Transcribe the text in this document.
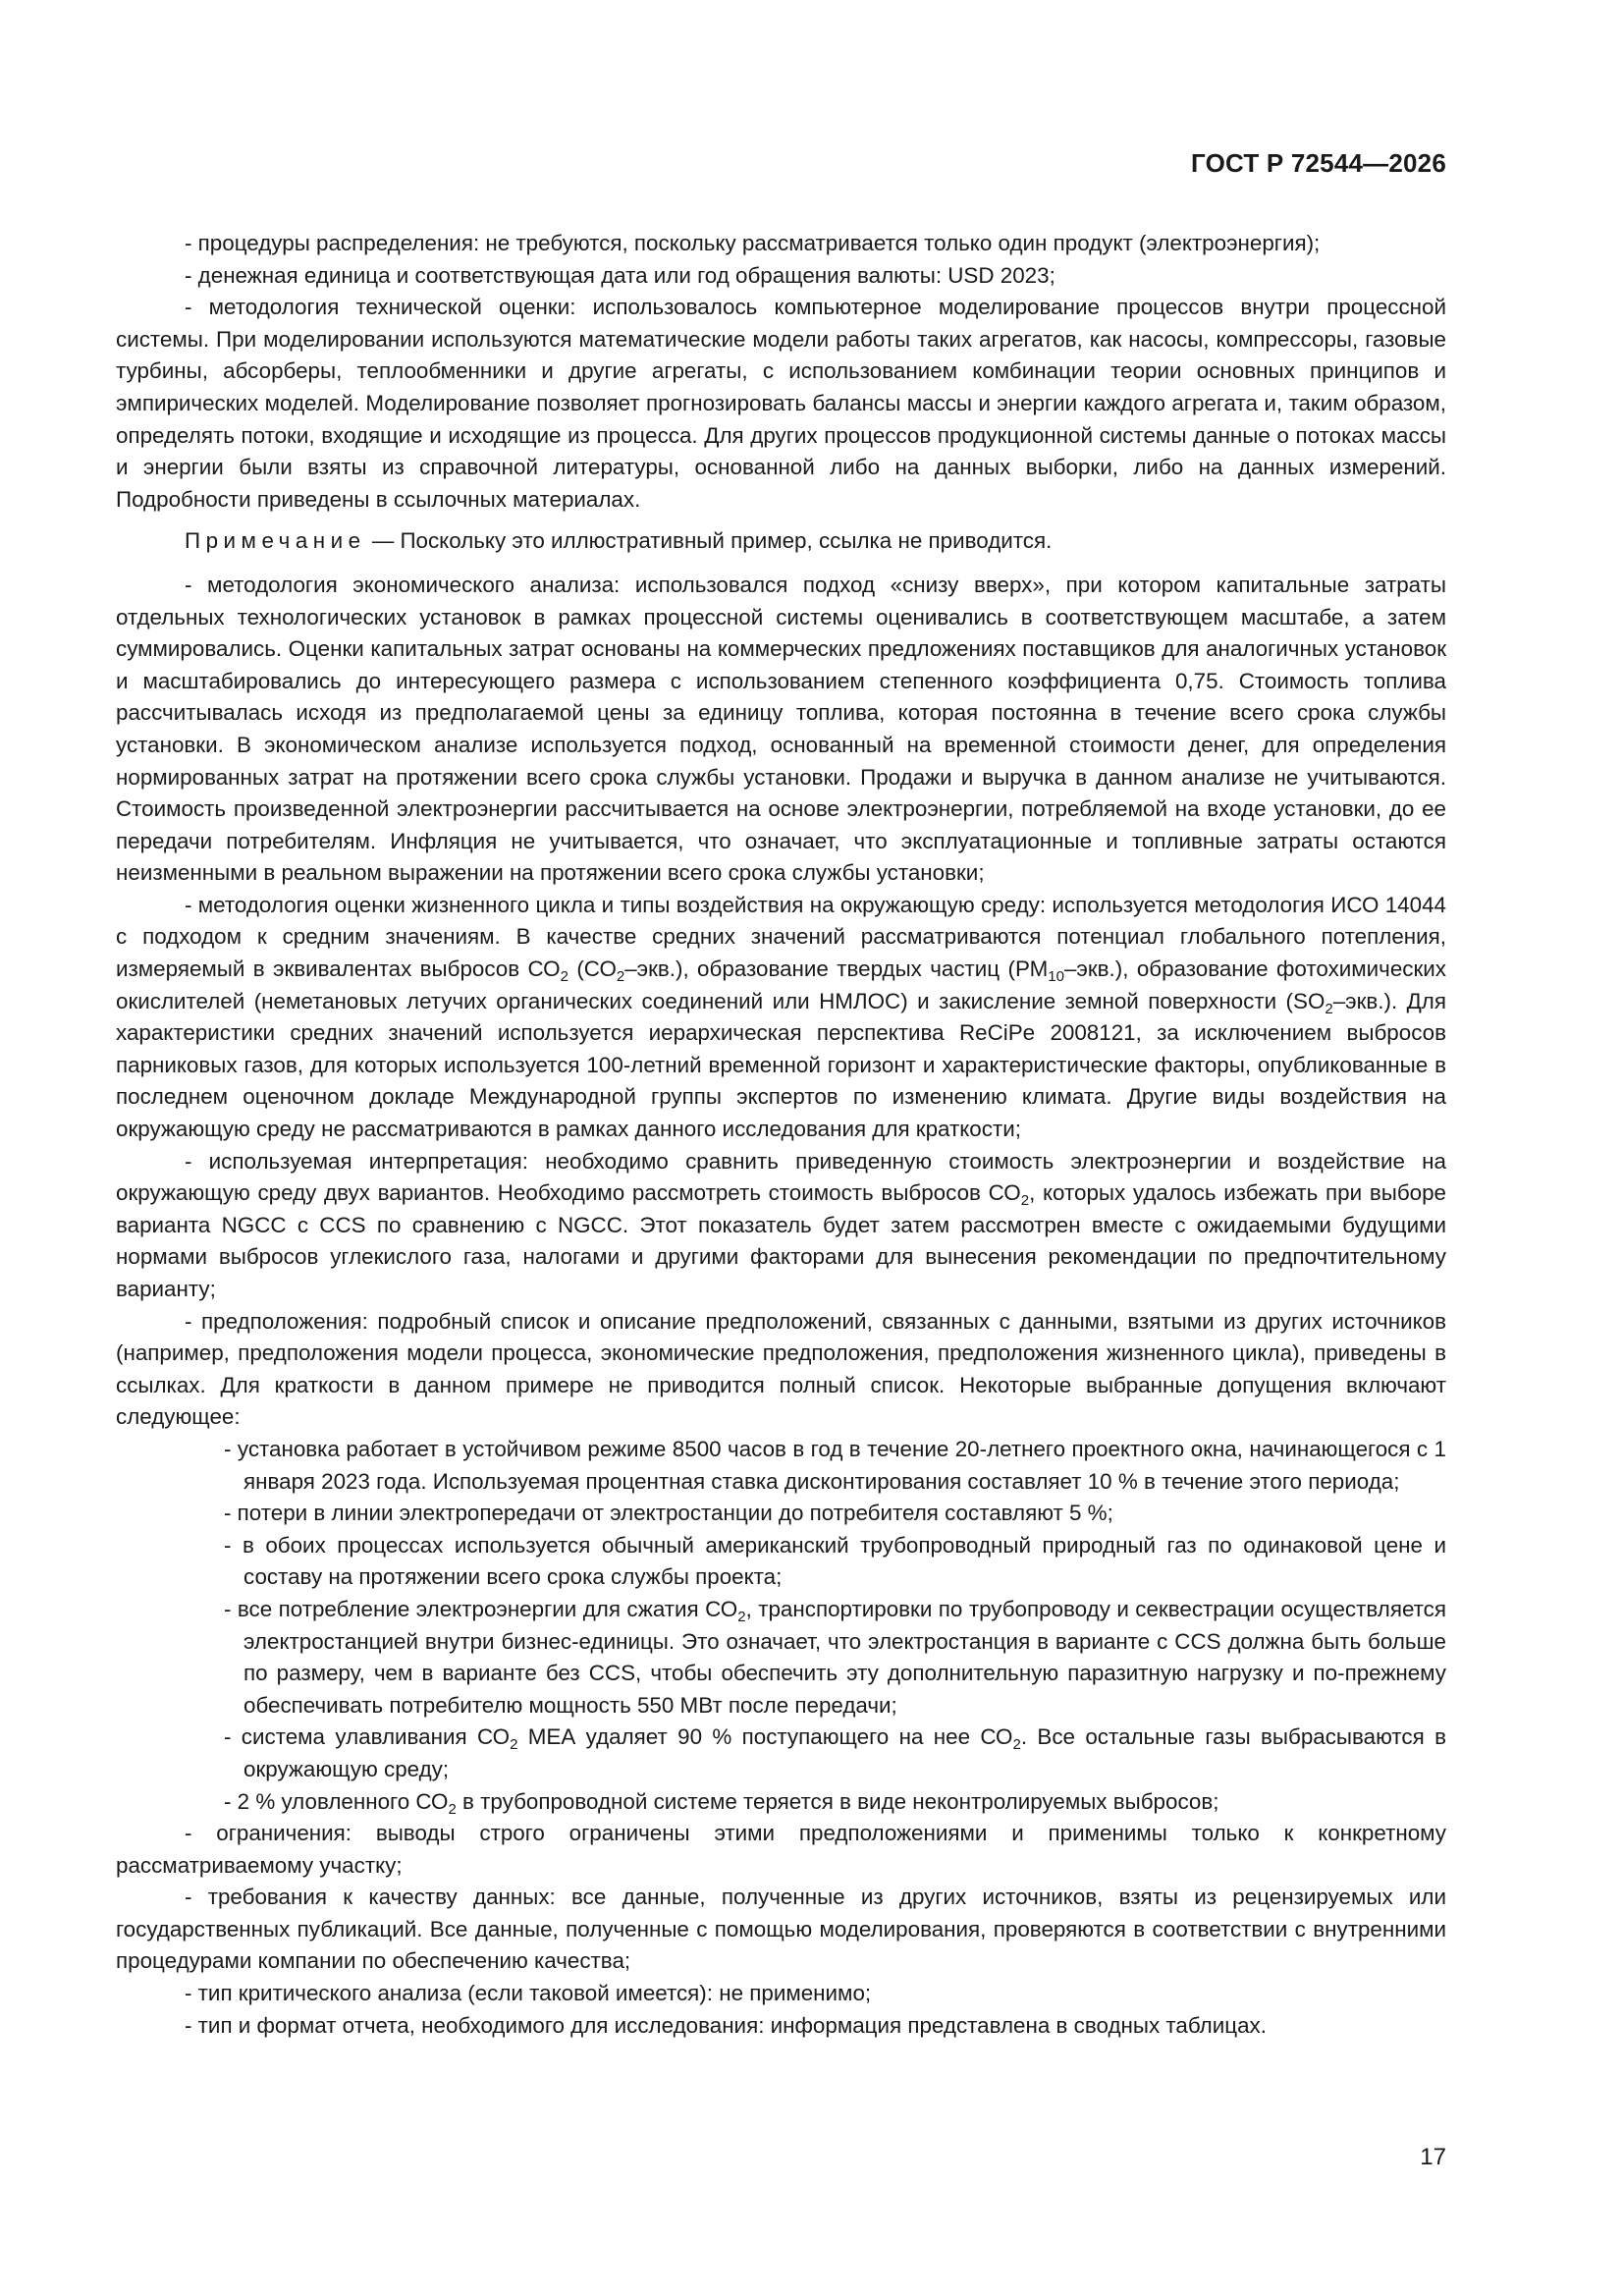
ГОСТ Р 72544—2026

- процедуры распределения: не требуются, поскольку рассматривается только один продукт (электроэнергия);

- денежная единица и соответствующая дата или год обращения валюты: USD 2023;

- методология технической оценки: использовалось компьютерное моделирование процессов внутри процессной системы. При моделировании используются математические модели работы таких агрегатов, как насосы, компрессоры, газовые турбины, абсорберы, теплообменники и другие агрегаты, с использованием комбинации теории основных принципов и эмпирических моделей. Моделирование позволяет прогнозировать балансы массы и энергии каждого агрегата и, таким образом, определять потоки, входящие и исходящие из процесса. Для других процессов продукционной системы данные о потоках массы и энергии были взяты из справочной литературы, основанной либо на данных выборки, либо на данных измерений. Подробности приведены в ссылочных материалах.

Примечание — Поскольку это иллюстративный пример, ссылка не приводится.

- методология экономического анализа: использовался подход «снизу вверх», при котором капитальные затраты отдельных технологических установок в рамках процессной системы оценивались в соответствующем масштабе, а затем суммировались. Оценки капитальных затрат основаны на коммерческих предложениях поставщиков для аналогичных установок и масштабировались до интересующего размера с использованием степенного коэффициента 0,75. Стоимость топлива рассчитывалась исходя из предполагаемой цены за единицу топлива, которая постоянна в течение всего срока службы установки. В экономическом анализе используется подход, основанный на временной стоимости денег, для определения нормированных затрат на протяжении всего срока службы установки. Продажи и выручка в данном анализе не учитываются. Стоимость произведенной электроэнергии рассчитывается на основе электроэнергии, потребляемой на входе установки, до ее передачи потребителям. Инфляция не учитывается, что означает, что эксплуатационные и топливные затраты остаются неизменными в реальном выражении на протяжении всего срока службы установки;

- методология оценки жизненного цикла и типы воздействия на окружающую среду: используется методология ИСО 14044 с подходом к средним значениям. В качестве средних значений рассматриваются потенциал глобального потепления, измеряемый в эквивалентах выбросов $СО_2$ $(СО_2-экв.)$, образование твердых частиц $(РМ_{10}-экв.)$, образование фотохимических окислителей (неметановых летучих органических соединений или НМЛОС) и закисление земной поверхности $(SO_2-экв.)$. Для характеристики средних значений используется иерархическая перспектива ReCiPe 2008121, за исключением выбросов парниковых газов, для которых используется 100-летний временной горизонт и характеристические факторы, опубликованные в последнем оценочном докладе Международной группы экспертов по изменению климата. Другие виды воздействия на окружающую среду не рассматриваются в рамках данного исследования для краткости;

- используемая интерпретация: необходимо сравнить приведенную стоимость электроэнергии и воздействие на окружающую среду двух вариантов. Необходимо рассмотреть стоимость выбросов $СО_2$, которых удалось избежать при выборе варианта NGCC с CCS по сравнению с NGCC. Этот показатель будет затем рассмотрен вместе с ожидаемыми будущими нормами выбросов углекислого газа, налогами и другими факторами для вынесения рекомендации по предпочтительному варианту;

- предположения: подробный список и описание предположений, связанных с данными, взятыми из других источников (например, предположения модели процесса, экономические предположения, предположения жизненного цикла), приведены в ссылках. Для краткости в данном примере не приводится полный список. Некоторые выбранные допущения включают следующее:

- установка работает в устойчивом режиме 8500 часов в год в течение 20-летнего проектного окна, начинающегося с 1 января 2023 года. Используемая процентная ставка дисконтирования составляет 10 % в течение этого периода;

- потери в линии электропередачи от электростанции до потребителя составляют 5 %;

- в обоих процессах используется обычный американский трубопроводный природный газ по одинаковой цене и составу на протяжении всего срока службы проекта;

- все потребление электроэнергии для сжатия $СО_2$, транспортировки по трубопроводу и секвестрации осуществляется электростанцией внутри бизнес-единицы. Это означает, что электростанция в варианте с CCS должна быть больше по размеру, чем в варианте без CCS, чтобы обеспечить эту дополнительную паразитную нагрузку и по-прежнему обеспечивать потребителю мощность 550 МВт после передачи;

- система улавливания $СО_2$ МЕА удаляет 90 % поступающего на нее $СО_2$. Все остальные газы выбрасываются в окружающую среду;

- 2 % уловленного $СО_2$ в трубопроводной системе теряется в виде неконтролируемых выбросов;

- ограничения: выводы строго ограничены этими предположениями и применимы только к конкретному рассматриваемому участку;

- требования к качеству данных: все данные, полученные из других источников, взяты из рецензируемых или государственных публикаций. Все данные, полученные с помощью моделирования, проверяются в соответствии с внутренними процедурами компании по обеспечению качества;

- тип критического анализа (если таковой имеется): не применимо;

- тип и формат отчета, необходимого для исследования: информация представлена в сводных таблицах.

17
